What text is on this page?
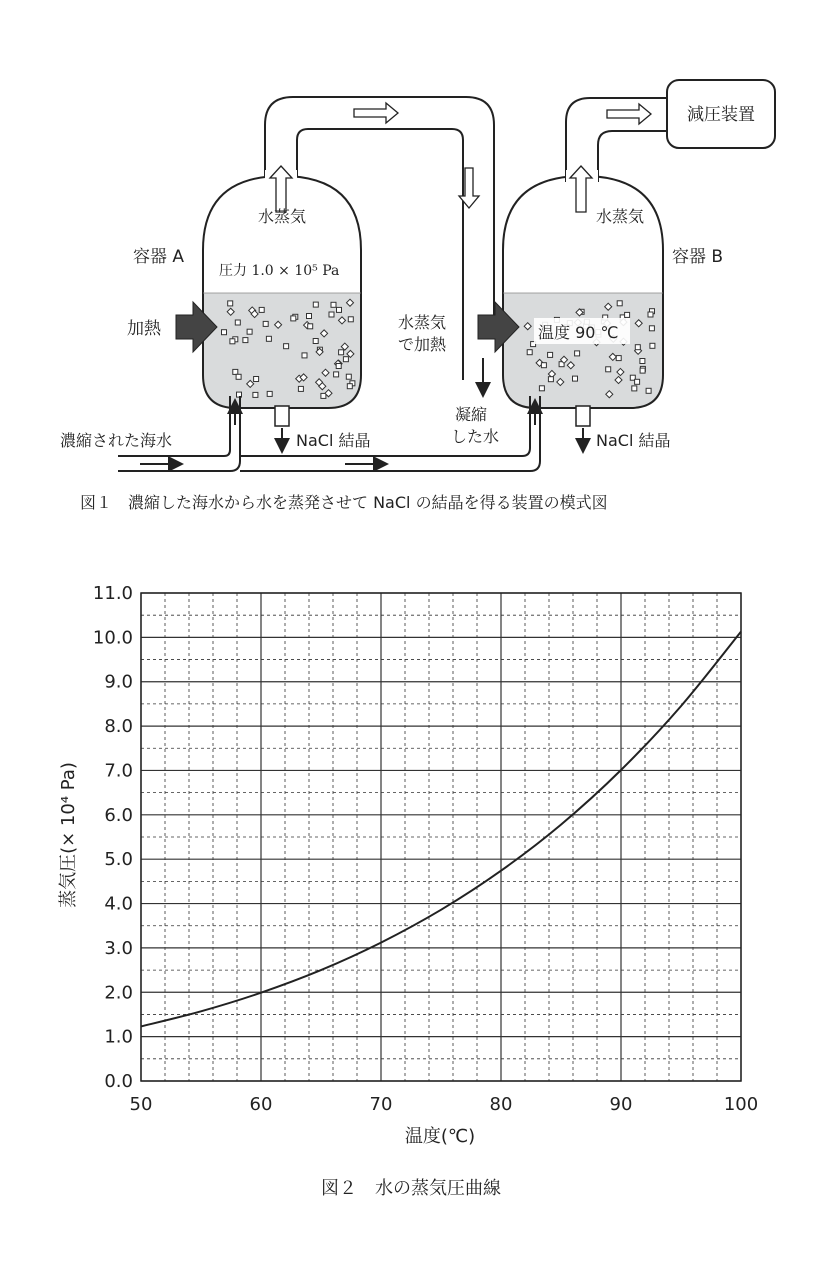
減圧装置
水蒸気	水蒸気
容器 A	容器 B
圧力 1.0 × 10⁵ Pa
加熱	水蒸気
で加熱
温度 90 ℃
凝縮
した水
濃縮された海水	NaCl 結晶	NaCl 結晶
図１　濃縮した海水から水を蒸発させて NaCl の結晶を得る装置の模式図
50	60	70	80	90	100
0.0
1.0
2.0
3.0
4.0
5.0
6.0
7.0
8.0
9.0
10.0
11.0
温度(℃)
蒸気圧(× 10⁴ Pa)
図２　水の蒸気圧曲線
